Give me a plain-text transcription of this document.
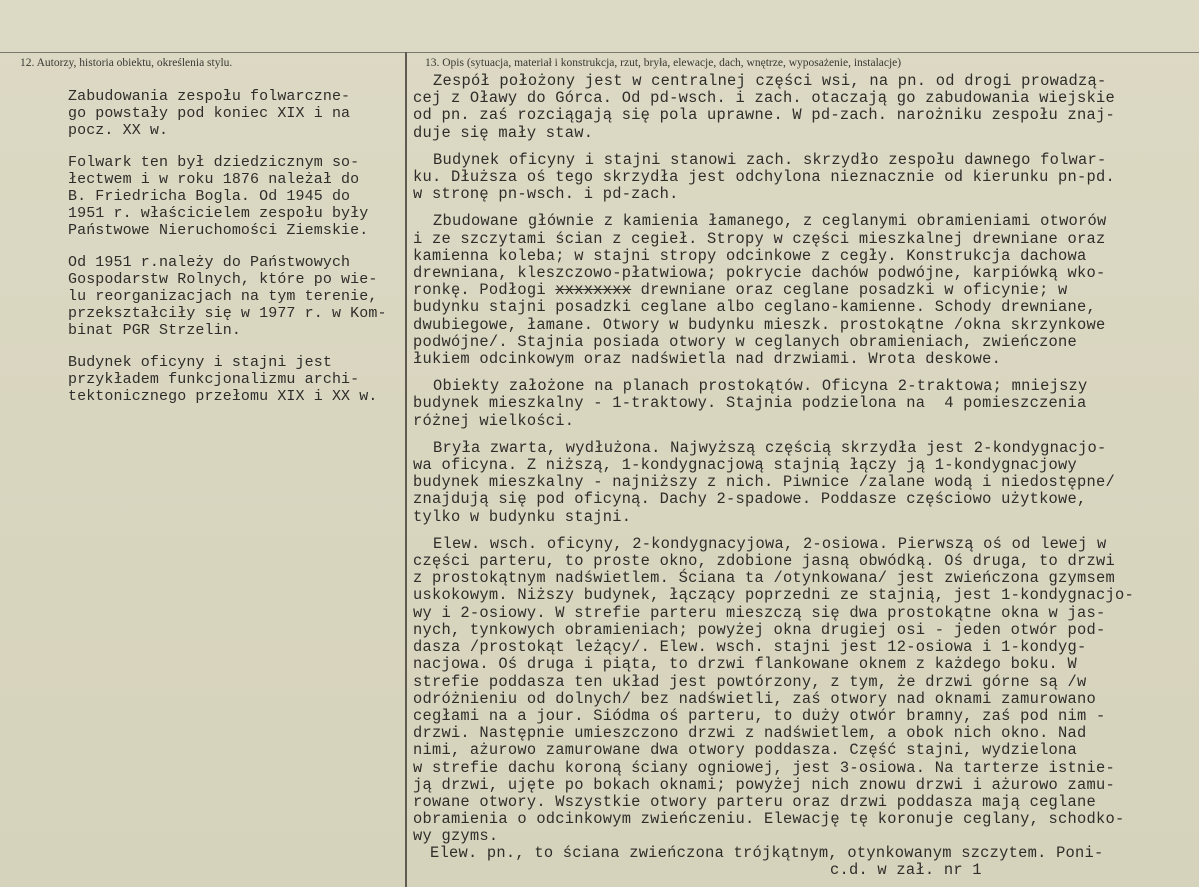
12. Autorzy, historia obiektu, określenia stylu.	13. Opis (sytuacja, materiał i konstrukcja, rzut, bryła, elewacje, dach, wnętrze, wyposażenie, instalacje)
Zabudowania zespołu folwarczne-
go powstały pod koniec XIX i na
pocz. XX w.
Folwark ten był dziedzicznym so-
łectwem i w roku 1876 należał do
B. Friedricha Bogla. Od 1945 do
1951 r. właścicielem zespołu były
Państwowe Nieruchomości Ziemskie.
Od 1951 r.należy do Państwowych
Gospodarstw Rolnych, które po wie-
lu reorganizacjach na tym terenie,
przekształciły się w 1977 r. w Kom-
binat PGR Strzelin.
Budynek oficyny i stajni jest
przykładem funkcjonalizmu archi-
tektonicznego przełomu XIX i XX w.
Zespół położony jest w centralnej części wsi, na pn. od drogi prowadzą-
cej z Oławy do Górca. Od pd-wsch. i zach. otaczają go zabudowania wiejskie
od pn. zaś rozciągają się pola uprawne. W pd-zach. narożniku zespołu znaj-
duje się mały staw.
Budynek oficyny i stajni stanowi zach. skrzydło zespołu dawnego folwar-
ku. Dłuższa oś tego skrzydła jest odchylona nieznacznie od kierunku pn-pd.
w stronę pn-wsch. i pd-zach.
Zbudowane głównie z kamienia łamanego, z ceglanymi obramieniami otworów
i ze szczytami ścian z cegieł. Stropy w części mieszkalnej drewniane oraz
kamienna koleba; w stajni stropy odcinkowe z cegły. Konstrukcja dachowa
drewniana, kleszczowo-płatwiowa; pokrycie dachów podwójne, karpiówką wko-
ronkę. Podłogi xxxxxxxx drewniane oraz ceglane posadzki w oficynie; w
budynku stajni posadzki ceglane albo ceglano-kamienne. Schody drewniane,
dwubiegowe, łamane. Otwory w budynku mieszk. prostokątne /okna skrzynkowe
podwójne/. Stajnia posiada otwory w ceglanych obramieniach, zwieńczone
łukiem odcinkowym oraz nadświetla nad drzwiami. Wrota deskowe.
Obiekty założone na planach prostokątów. Oficyna 2-traktowa; mniejszy
budynek mieszkalny - 1-traktowy. Stajnia podzielona na  4 pomieszczenia
różnej wielkości.
Bryła zwarta, wydłużona. Najwyższą częścią skrzydła jest 2-kondygnacjo-
wa oficyna. Z niższą, 1-kondygnacjową stajnią łączy ją 1-kondygnacjowy
budynek mieszkalny - najniższy z nich. Piwnice /zalane wodą i niedostępne/
znajdują się pod oficyną. Dachy 2-spadowe. Poddasze częściowo użytkowe,
tylko w budynku stajni.
Elew. wsch. oficyny, 2-kondygnacyjowa, 2-osiowa. Pierwszą oś od lewej w
części parteru, to proste okno, zdobione jasną obwódką. Oś druga, to drzwi
z prostokątnym nadświetlem. Ściana ta /otynkowana/ jest zwieńczona gzymsem
uskokowym. Niższy budynek, łączący poprzedni ze stajnią, jest 1-kondygnacjo-
wy i 2-osiowy. W strefie parteru mieszczą się dwa prostokątne okna w jas-
nych, tynkowych obramieniach; powyżej okna drugiej osi - jeden otwór pod-
dasza /prostokąt leżący/. Elew. wsch. stajni jest 12-osiowa i 1-kondyg-
nacjowa. Oś druga i piąta, to drzwi flankowane oknem z każdego boku. W
strefie poddasza ten układ jest powtórzony, z tym, że drzwi górne są /w
odróżnieniu od dolnych/ bez nadświetli, zaś otwory nad oknami zamurowano
cegłami na a jour. Siódma oś parteru, to duży otwór bramny, zaś pod nim -
drzwi. Następnie umieszczono drzwi z nadświetlem, a obok nich okno. Nad
nimi, ażurowo zamurowane dwa otwory poddasza. Część stajni, wydzielona
w strefie dachu koroną ściany ogniowej, jest 3-osiowa. Na tarterze istnie-
ją drzwi, ujęte po bokach oknami; powyżej nich znowu drzwi i ażurowo zamu-
rowane otwory. Wszystkie otwory parteru oraz drzwi poddasza mają ceglane
obramienia o odcinkowym zwieńczeniu. Elewację tę koronuje ceglany, schodko-
wy gzyms.
Elew. pn., to ściana zwieńczona trójkątnym, otynkowanym szczytem. Poni-
c.d. w zał. nr 1
